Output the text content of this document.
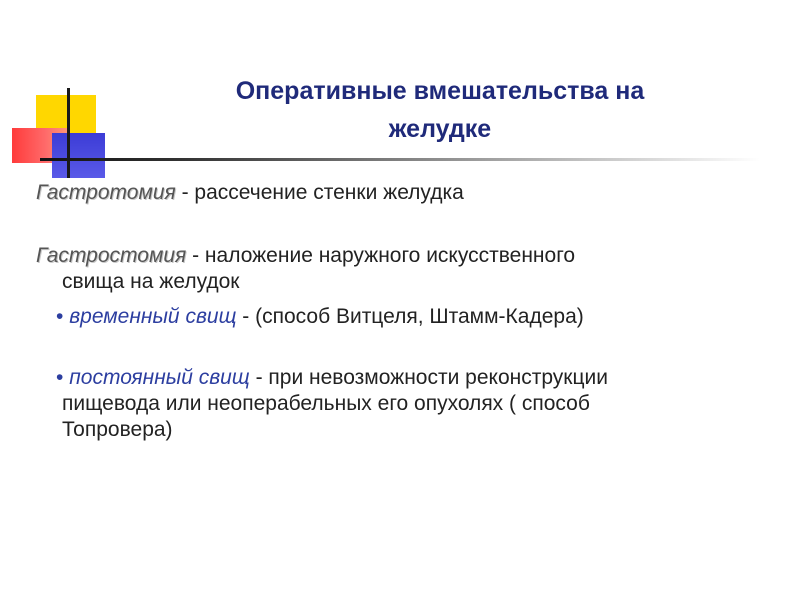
Оперативные вмешательства на
желудке

Гастротомия - рассечение стенки желудка

Гастростомия - наложение наружного искусственного
свища на желудок

• временный свищ - (способ Витцеля, Штамм-Кадера)

• постоянный свищ - при невозможности реконструкции
пищевода или неоперабельных его опухолях ( способ
Топровера)
